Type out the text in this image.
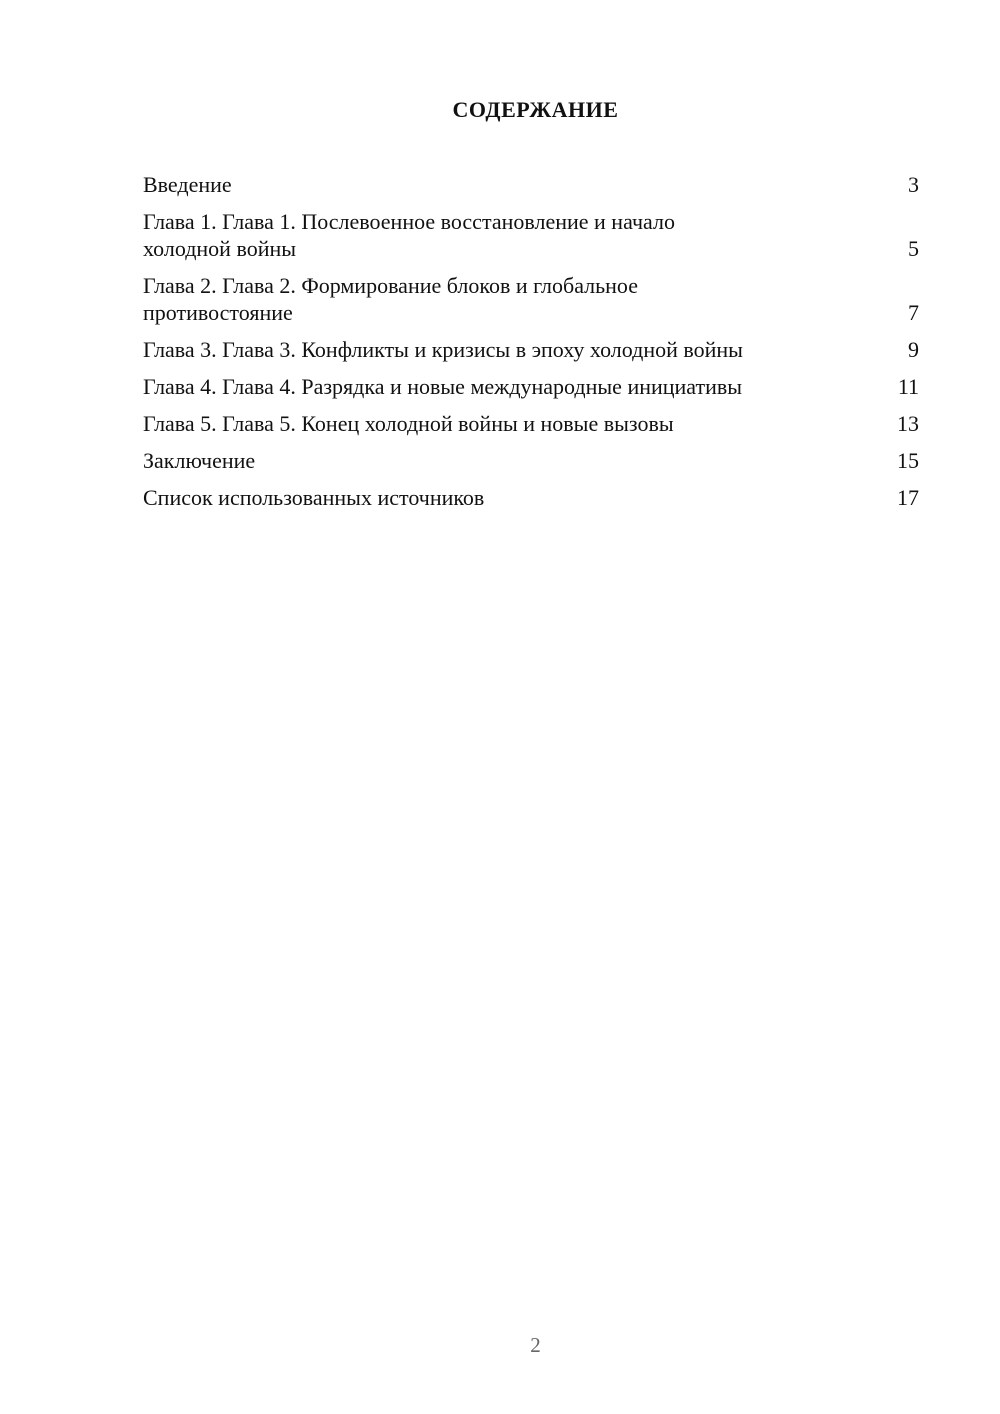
СОДЕРЖАНИЕ
Введение	3
Глава 1. Глава 1. Послевоенное восстановление и начало холодной войны	5
Глава 2. Глава 2. Формирование блоков и глобальное противостояние	7
Глава 3. Глава 3. Конфликты и кризисы в эпоху холодной войны	9
Глава 4. Глава 4. Разрядка и новые международные инициативы	11
Глава 5. Глава 5. Конец холодной войны и новые вызовы	13
Заключение	15
Список использованных источников	17
2
